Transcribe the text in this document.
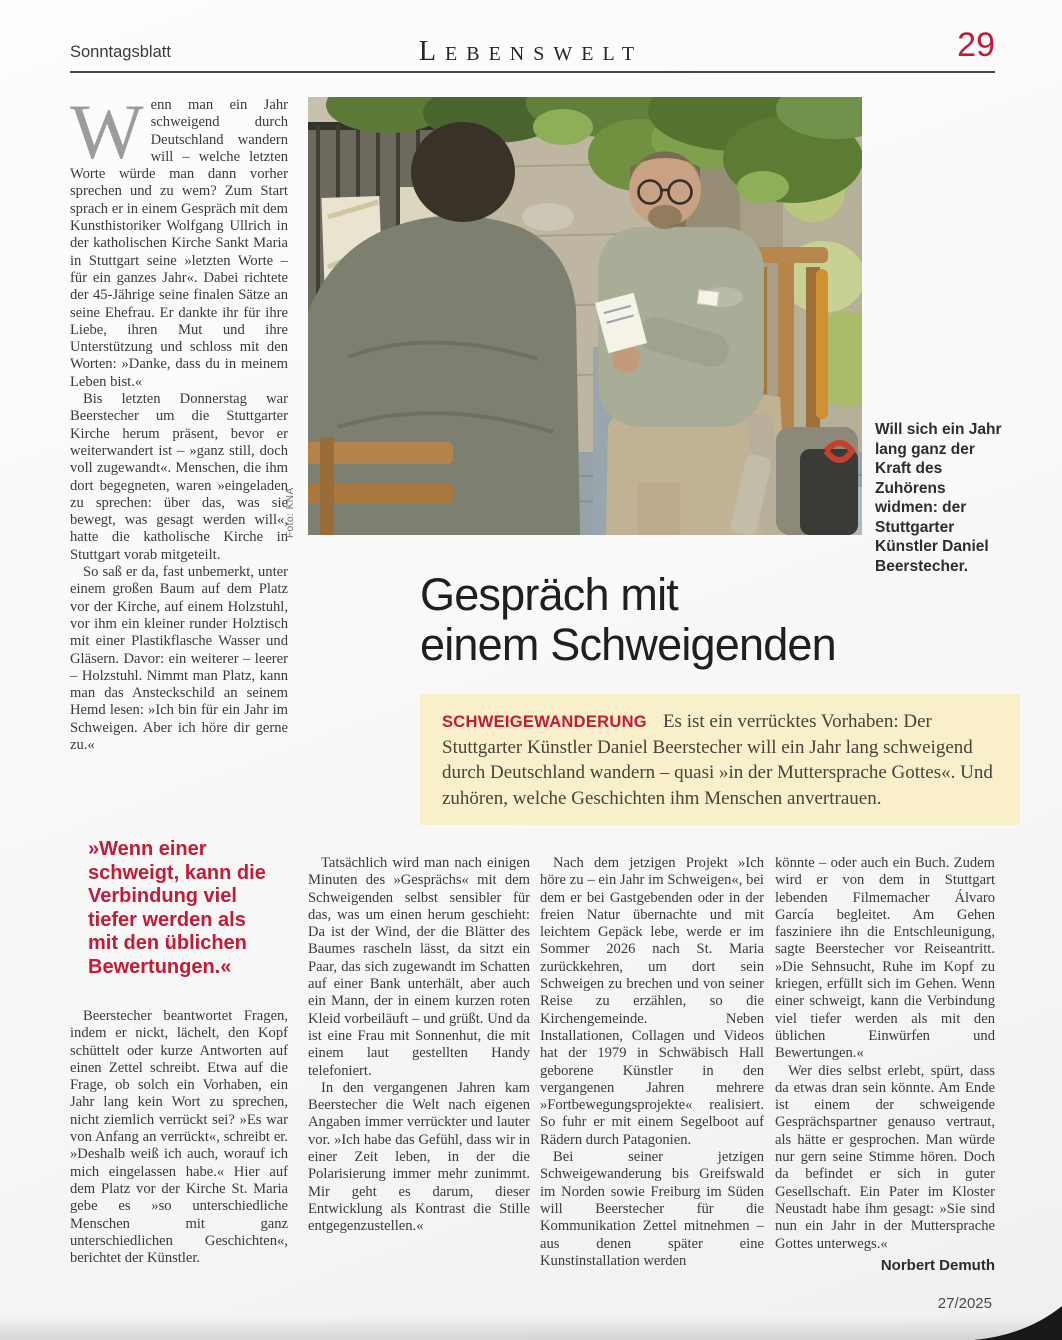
Sonntagsblatt	Lebenswelt	29

Wenn man ein Jahr schweigend durch Deutschland wandern will – welche letzten Worte würde man dann vorher sprechen und zu wem? Zum Start sprach er in einem Gespräch mit dem Kunsthistoriker Wolfgang Ullrich in der katholischen Kirche Sankt Maria in Stuttgart seine »letzten Worte – für ein ganzes Jahr«. Dabei richtete der 45-Jährige seine finalen Sätze an seine Ehefrau. Er dankte ihr für ihre Liebe, ihren Mut und ihre Unterstützung und schloss mit den Worten: »Danke, dass du in meinem Leben bist.«

Bis letzten Donnerstag war Beerstecher um die Stuttgarter Kirche herum präsent, bevor er weiterwandert ist – »ganz still, doch voll zugewandt«. Menschen, die ihm dort begegneten, waren »eingeladen zu sprechen: über das, was sie bewegt, was gesagt werden will«, hatte die katholische Kirche in Stuttgart vorab mitgeteilt.

So saß er da, fast unbemerkt, unter einem großen Baum auf dem Platz vor der Kirche, auf einem Holzstuhl, vor ihm ein kleiner runder Holztisch mit einer Plastikflasche Wasser und Gläsern. Davor: ein weiterer – leerer – Holzstuhl. Nimmt man Platz, kann man das Ansteckschild an seinem Hemd lesen: »Ich bin für ein Jahr im Schweigen. Aber ich höre dir gerne zu.«

Foto: KNA
Will sich ein Jahr lang ganz der Kraft des Zuhörens widmen: der Stuttgarter Künstler Daniel Beerstecher.
Gespräch mit
einem Schweigenden

SCHWEIGEWANDERUNG Es ist ein verrücktes Vorhaben: Der Stuttgarter Künstler Daniel Beerstecher will ein Jahr lang schweigend durch Deutschland wandern – quasi »in der Muttersprache Gottes«. Und zuhören, welche Geschichten ihm Menschen anvertrauen.

»Wenn einer schweigt, kann die Verbindung viel tiefer werden als mit den üblichen Bewertungen.«

Beerstecher beantwortet Fragen, indem er nickt, lächelt, den Kopf schüttelt oder kurze Antworten auf einen Zettel schreibt. Etwa auf die Frage, ob solch ein Vorhaben, ein Jahr lang kein Wort zu sprechen, nicht ziemlich verrückt sei? »Es war von Anfang an verrückt«, schreibt er. »Deshalb weiß ich auch, worauf ich mich eingelassen habe.« Hier auf dem Platz vor der Kirche St. Maria gebe es »so unterschiedliche Menschen mit ganz unterschiedlichen Geschichten«, berichtet der Künstler.

Tatsächlich wird man nach einigen Minuten des »Gesprächs« mit dem Schweigenden selbst sensibler für das, was um einen herum geschieht: Da ist der Wind, der die Blätter des Baumes rascheln lässt, da sitzt ein Paar, das sich zugewandt im Schatten auf einer Bank unterhält, aber auch ein Mann, der in einem kurzen roten Kleid vorbeiläuft – und grüßt. Und da ist eine Frau mit Sonnenhut, die mit einem laut gestellten Handy telefoniert.

In den vergangenen Jahren kam Beerstecher die Welt nach eigenen Angaben immer verrückter und lauter vor. »Ich habe das Gefühl, dass wir in einer Zeit leben, in der die Polarisierung immer mehr zunimmt. Mir geht es darum, dieser Entwicklung als Kontrast die Stille entgegenzustellen.«

Nach dem jetzigen Projekt »Ich höre zu – ein Jahr im Schweigen«, bei dem er bei Gastgebenden oder in der freien Natur übernachte und mit leichtem Gepäck lebe, werde er im Sommer 2026 nach St. Maria zurückkehren, um dort sein Schweigen zu brechen und von seiner Reise zu erzählen, so die Kirchengemeinde. Neben Installationen, Collagen und Videos hat der 1979 in Schwäbisch Hall geborene Künstler in den vergangenen Jahren mehrere »Fortbewegungsprojekte« realisiert. So fuhr er mit einem Segelboot auf Rädern durch Patagonien.

Bei seiner jetzigen Schweigewanderung bis Greifswald im Norden sowie Freiburg im Süden will Beerstecher für die Kommunikation Zettel mitnehmen – aus denen später eine Kunstinstallation werden

könnte – oder auch ein Buch. Zudem wird er von dem in Stuttgart lebenden Filmemacher Álvaro García begleitet. Am Gehen fasziniere ihn die Entschleunigung, sagte Beerstecher vor Reiseantritt. »Die Sehnsucht, Ruhe im Kopf zu kriegen, erfüllt sich im Gehen. Wenn einer schweigt, kann die Verbindung viel tiefer werden als mit den üblichen Einwürfen und Bewertungen.«

Wer dies selbst erlebt, spürt, dass da etwas dran sein könnte. Am Ende ist einem der schweigende Gesprächspartner genauso vertraut, als hätte er gesprochen. Man würde nur gern seine Stimme hören. Doch da befindet er sich in guter Gesellschaft. Ein Pater im Kloster Neustadt habe ihm gesagt: »Sie sind nun ein Jahr in der Muttersprache Gottes unterwegs.«

Norbert Demuth
27/2025
